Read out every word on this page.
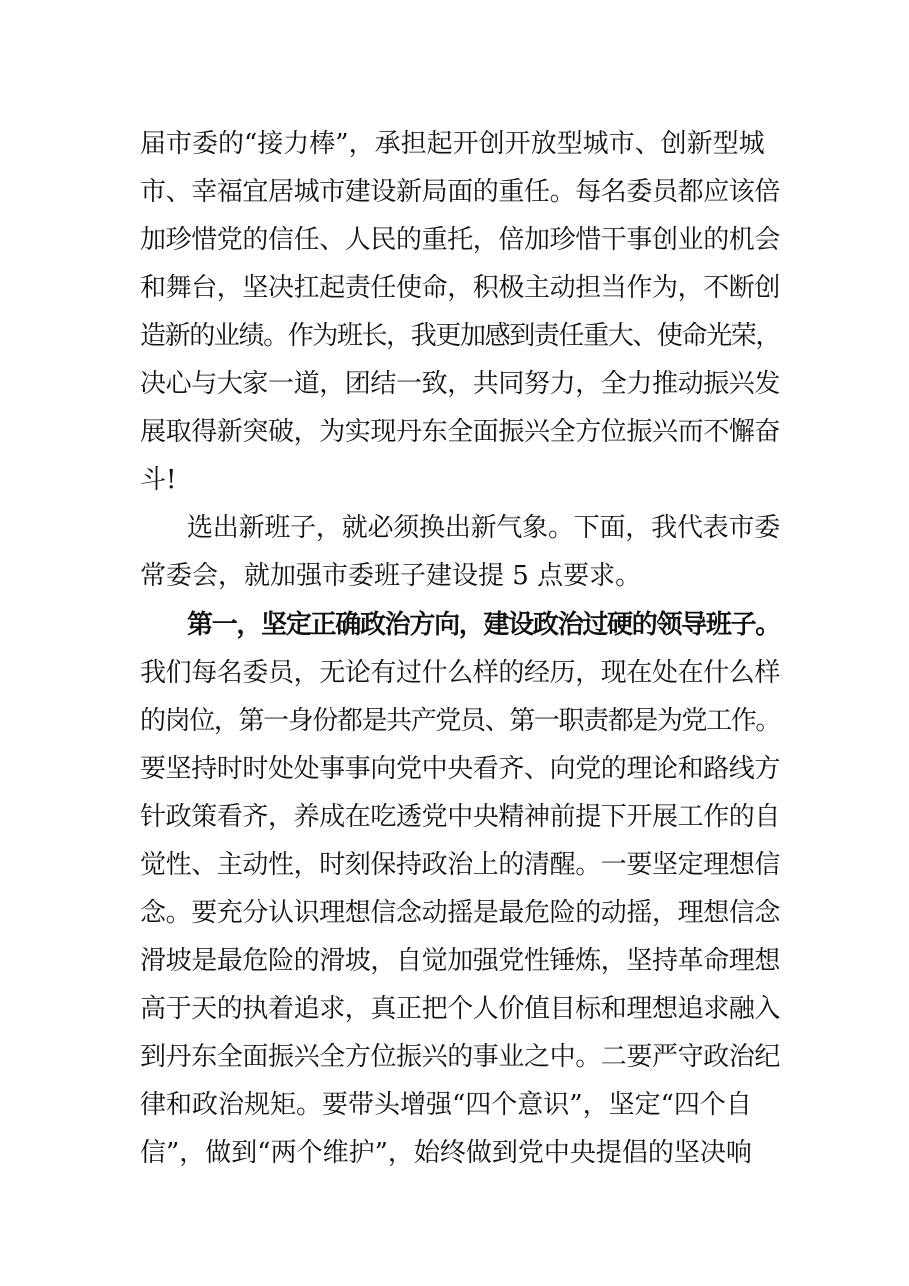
届市委的“接力棒”，承担起开创开放型城市、创新型城
市、幸福宜居城市建设新局面的重任。每名委员都应该倍
加珍惜党的信任、人民的重托，倍加珍惜干事创业的机会
和舞台，坚决扛起责任使命，积极主动担当作为，不断创
造新的业绩。作为班长，我更加感到责任重大、使命光荣，
决心与大家一道，团结一致，共同努力，全力推动振兴发
展取得新突破，为实现丹东全面振兴全方位振兴而不懈奋
斗!
选出新班子，就必须换出新气象。下面，我代表市委
常委会，就加强市委班子建设提 5 点要求。
第一，坚定正确政治方向，建设政治过硬的领导班子。
我们每名委员，无论有过什么样的经历，现在处在什么样
的岗位，第一身份都是共产党员、第一职责都是为党工作。
要坚持时时处处事事向党中央看齐、向党的理论和路线方
针政策看齐，养成在吃透党中央精神前提下开展工作的自
觉性、主动性，时刻保持政治上的清醒。一要坚定理想信
念。要充分认识理想信念动摇是最危险的动摇，理想信念
滑坡是最危险的滑坡，自觉加强党性锤炼，坚持革命理想
高于天的执着追求，真正把个人价值目标和理想追求融入
到丹东全面振兴全方位振兴的事业之中。二要严守政治纪
律和政治规矩。要带头增强“四个意识”，坚定“四个自
信”，做到“两个维护”，始终做到党中央提倡的坚决响
